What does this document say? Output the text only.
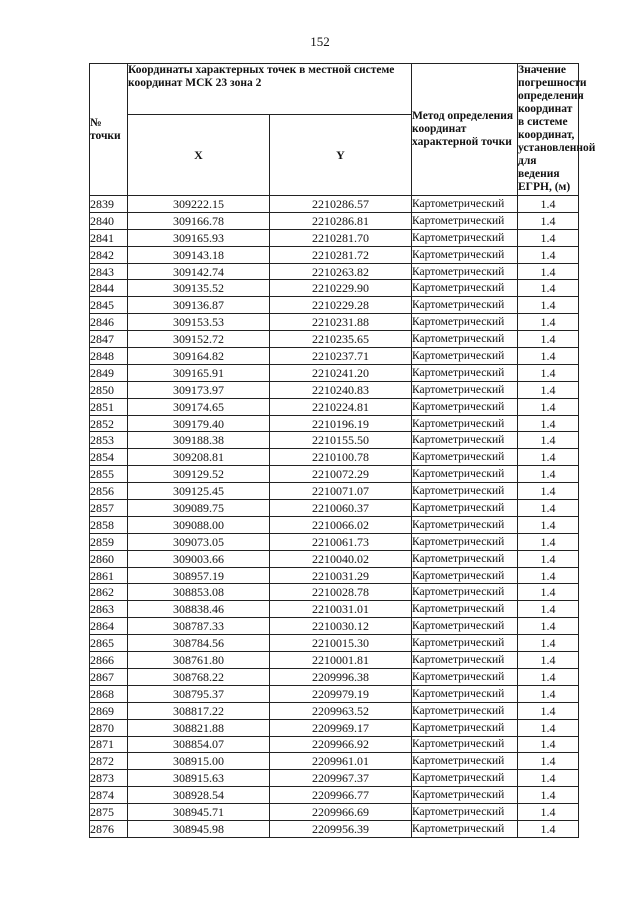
152
№ точки	Координаты характерных точек в местной системе координат МСК 23 зона 2		Метод определения координат характерной точки	Значение погрешности определения координат в системе координат, установленной для ведения ЕГРН, (м)
	X	Y		
2839	309222.15	2210286.57	Картометрический	1.4
2840	309166.78	2210286.81	Картометрический	1.4
2841	309165.93	2210281.70	Картометрический	1.4
2842	309143.18	2210281.72	Картометрический	1.4
2843	309142.74	2210263.82	Картометрический	1.4
2844	309135.52	2210229.90	Картометрический	1.4
2845	309136.87	2210229.28	Картометрический	1.4
2846	309153.53	2210231.88	Картометрический	1.4
2847	309152.72	2210235.65	Картометрический	1.4
2848	309164.82	2210237.71	Картометрический	1.4
2849	309165.91	2210241.20	Картометрический	1.4
2850	309173.97	2210240.83	Картометрический	1.4
2851	309174.65	2210224.81	Картометрический	1.4
2852	309179.40	2210196.19	Картометрический	1.4
2853	309188.38	2210155.50	Картометрический	1.4
2854	309208.81	2210100.78	Картометрический	1.4
2855	309129.52	2210072.29	Картометрический	1.4
2856	309125.45	2210071.07	Картометрический	1.4
2857	309089.75	2210060.37	Картометрический	1.4
2858	309088.00	2210066.02	Картометрический	1.4
2859	309073.05	2210061.73	Картометрический	1.4
2860	309003.66	2210040.02	Картометрический	1.4
2861	308957.19	2210031.29	Картометрический	1.4
2862	308853.08	2210028.78	Картометрический	1.4
2863	308838.46	2210031.01	Картометрический	1.4
2864	308787.33	2210030.12	Картометрический	1.4
2865	308784.56	2210015.30	Картометрический	1.4
2866	308761.80	2210001.81	Картометрический	1.4
2867	308768.22	2209996.38	Картометрический	1.4
2868	308795.37	2209979.19	Картометрический	1.4
2869	308817.22	2209963.52	Картометрический	1.4
2870	308821.88	2209969.17	Картометрический	1.4
2871	308854.07	2209966.92	Картометрический	1.4
2872	308915.00	2209961.01	Картометрический	1.4
2873	308915.63	2209967.37	Картометрический	1.4
2874	308928.54	2209966.77	Картометрический	1.4
2875	308945.71	2209966.69	Картометрический	1.4
2876	308945.98	2209956.39	Картометрический	1.4
